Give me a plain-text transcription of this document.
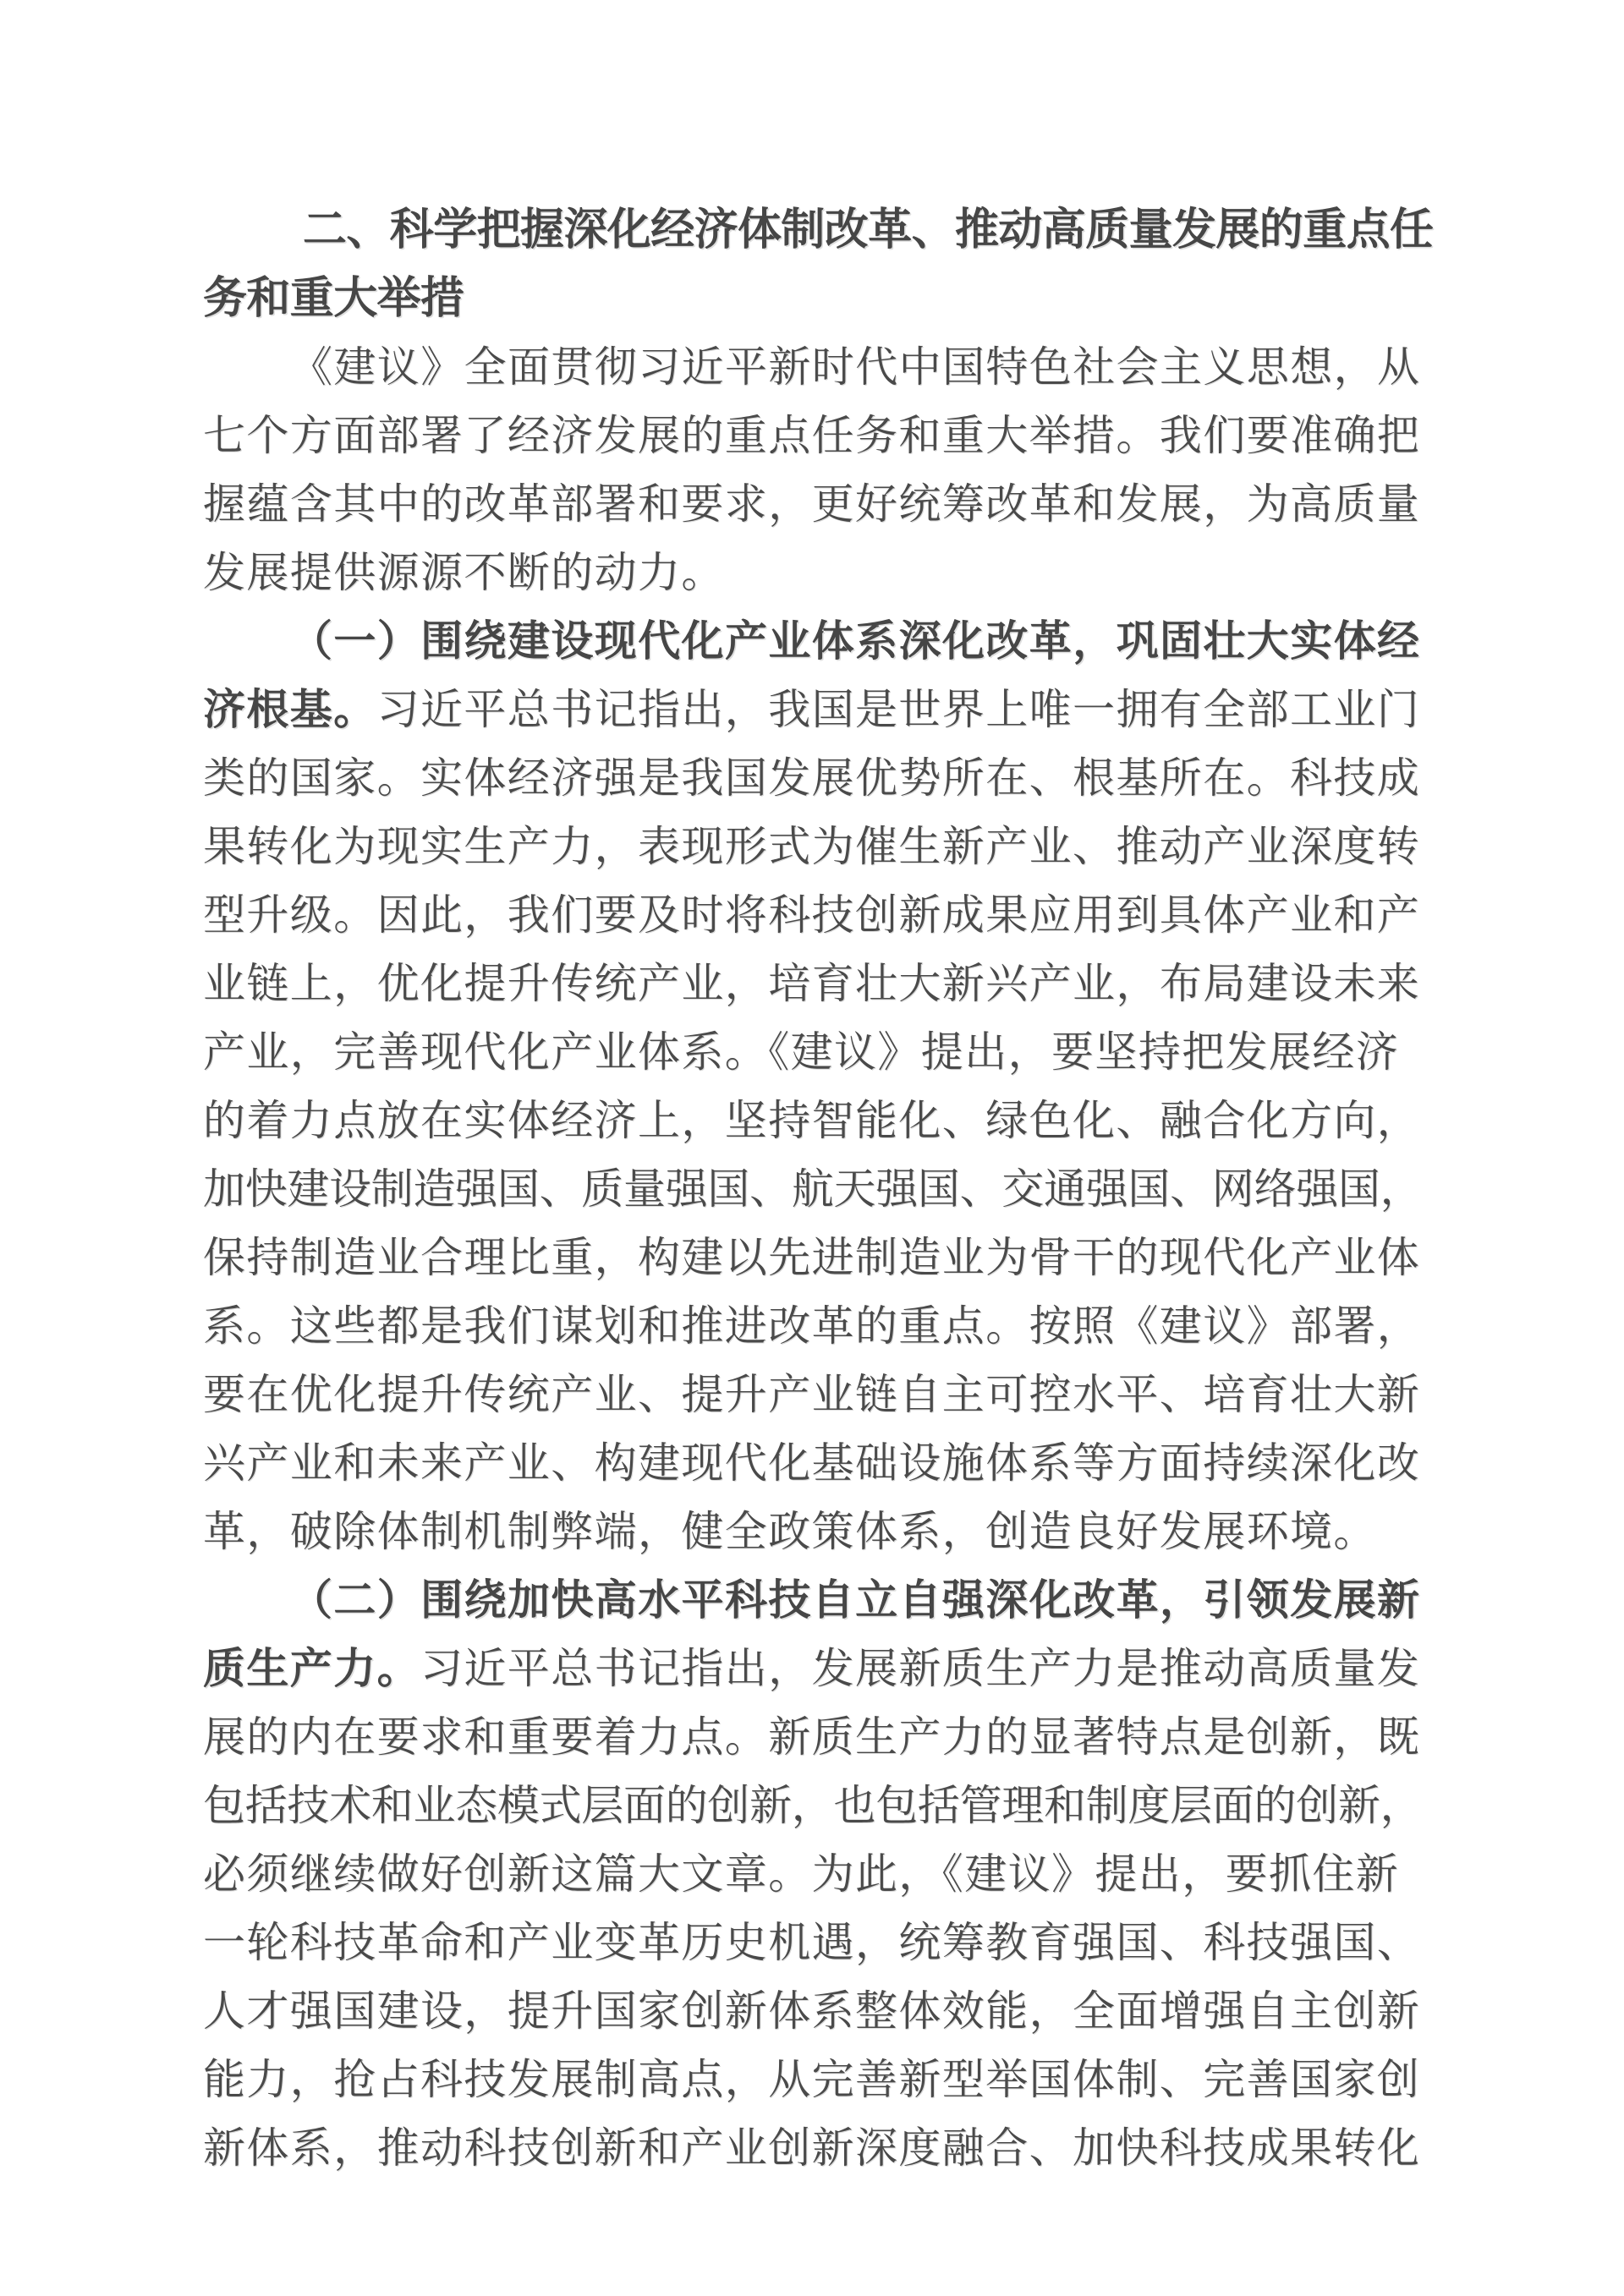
二、科学把握深化经济体制改革、推动高质量发展的重点任
务和重大举措
《建议》全面贯彻习近平新时代中国特色社会主义思想，从
七个方面部署了经济发展的重点任务和重大举措。我们要准确把
握蕴含其中的改革部署和要求，更好统筹改革和发展，为高质量
发展提供源源不断的动力。
（一）围绕建设现代化产业体系深化改革，巩固壮大实体经
济根基。习近平总书记指出，我国是世界上唯一拥有全部工业门
类的国家。实体经济强是我国发展优势所在、根基所在。科技成
果转化为现实生产力，表现形式为催生新产业、推动产业深度转
型升级。因此，我们要及时将科技创新成果应用到具体产业和产
业链上，优化提升传统产业，培育壮大新兴产业，布局建设未来
产业，完善现代化产业体系。《建议》提出，要坚持把发展经济
的着力点放在实体经济上，坚持智能化、绿色化、融合化方向，
加快建设制造强国、质量强国、航天强国、交通强国、网络强国，
保持制造业合理比重，构建以先进制造业为骨干的现代化产业体
系。这些都是我们谋划和推进改革的重点。按照《建议》部署，
要在优化提升传统产业、提升产业链自主可控水平、培育壮大新
兴产业和未来产业、构建现代化基础设施体系等方面持续深化改
革，破除体制机制弊端，健全政策体系，创造良好发展环境。
（二）围绕加快高水平科技自立自强深化改革，引领发展新
质生产力。习近平总书记指出，发展新质生产力是推动高质量发
展的内在要求和重要着力点。新质生产力的显著特点是创新，既
包括技术和业态模式层面的创新，也包括管理和制度层面的创新，
必须继续做好创新这篇大文章。为此，《建议》提出，要抓住新
一轮科技革命和产业变革历史机遇，统筹教育强国、科技强国、
人才强国建设，提升国家创新体系整体效能，全面增强自主创新
能力，抢占科技发展制高点，从完善新型举国体制、完善国家创
新体系，推动科技创新和产业创新深度融合、加快科技成果转化
